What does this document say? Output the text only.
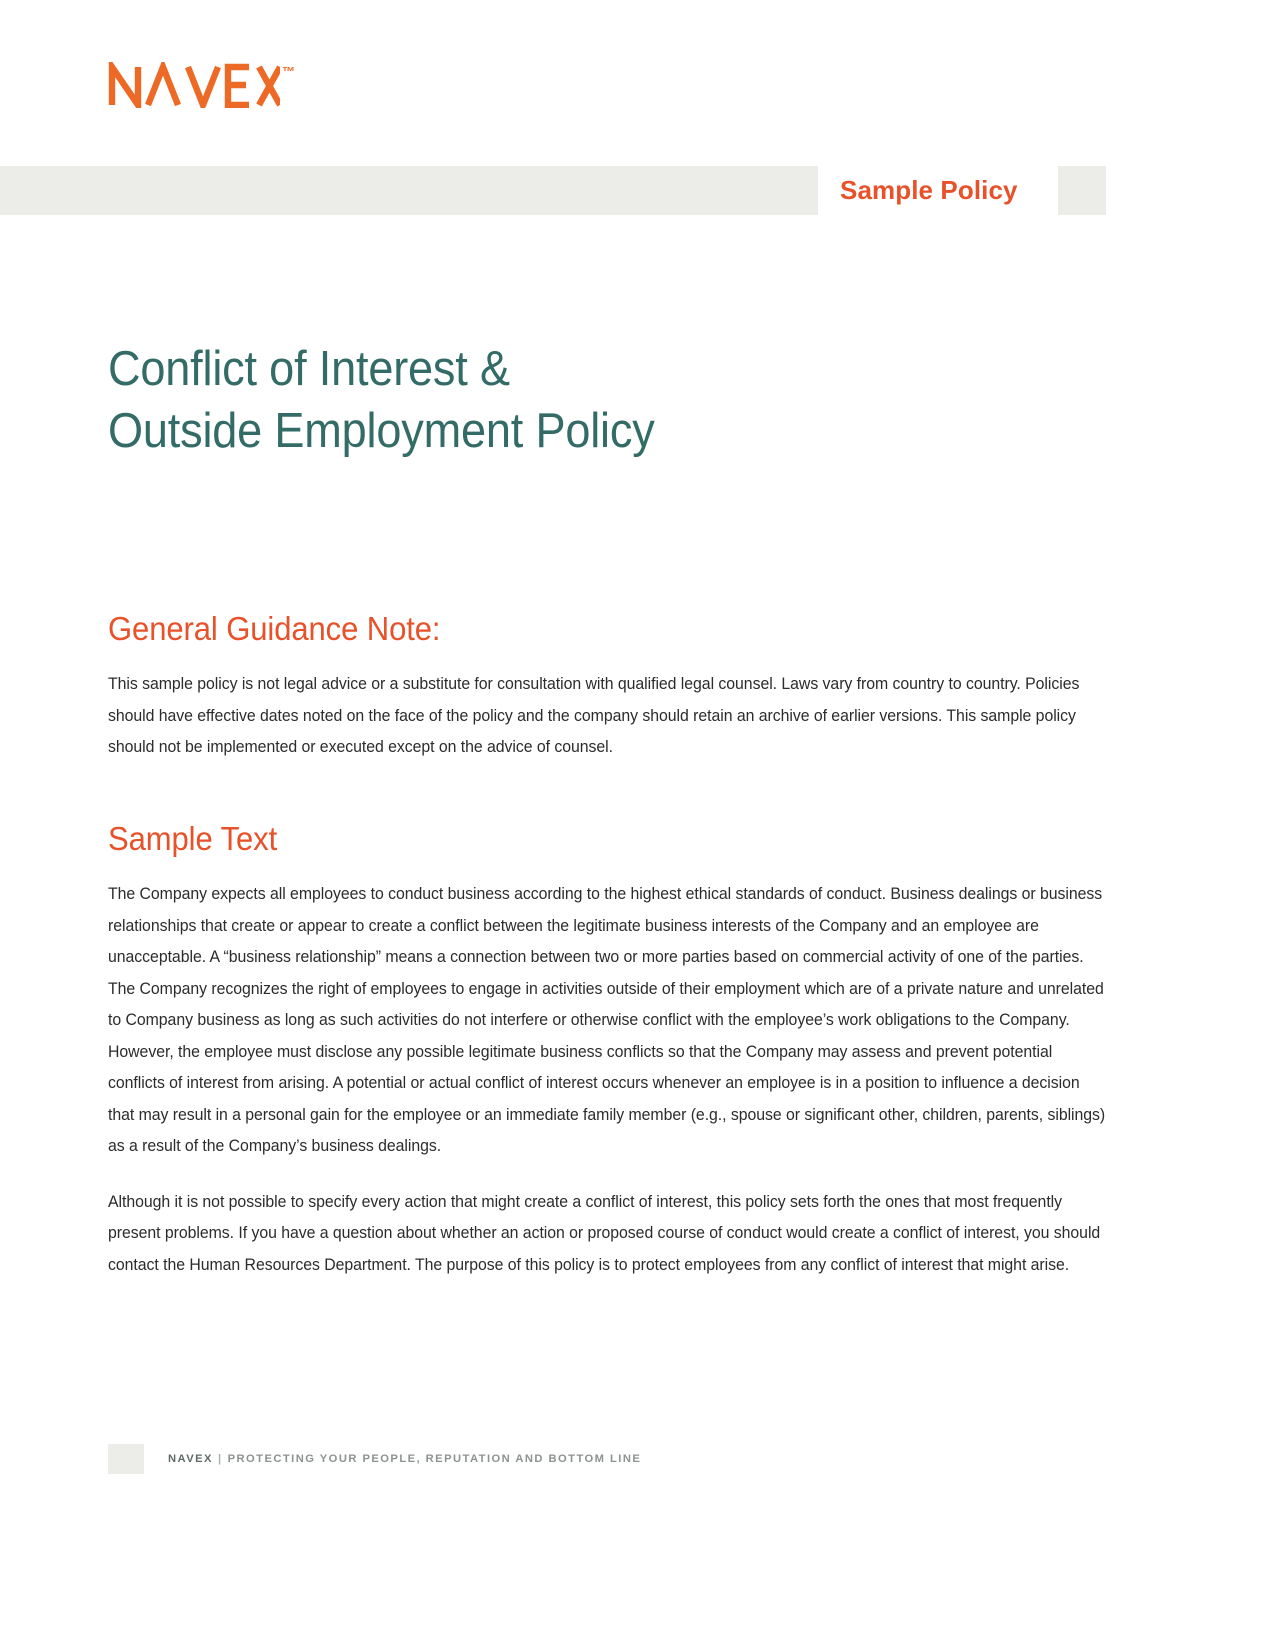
™
Sample Policy
Conflict of Interest &
Outside Employment Policy
General Guidance Note:

This sample policy is not legal advice or a substitute for consultation with qualified legal counsel. Laws vary from country to country. Policies should have effective dates noted on the face of the policy and the company should retain an archive of earlier versions. This sample policy should not be implemented or executed except on the advice of counsel.

Sample Text

The Company expects all employees to conduct business according to the highest ethical standards of conduct. Business dealings or business relationships that create or appear to create a conflict between the legitimate business interests of the Company and an employee are unacceptable. A “business relationship” means a connection between two or more parties based on commercial activity of one of the parties. The Company recognizes the right of employees to engage in activities outside of their employment which are of a private nature and unrelated to Company business as long as such activities do not interfere or otherwise conflict with the employee’s work obligations to the Company. However, the employee must disclose any possible legitimate business conflicts so that the Company may assess and prevent potential conflicts of interest from arising. A potential or actual conflict of interest occurs whenever an employee is in a position to influence a decision that may result in a personal gain for the employee or an immediate family member (e.g., spouse or significant other, children, parents, siblings) as a result of the Company’s business dealings.

Although it is not possible to specify every action that might create a conflict of interest, this policy sets forth the ones that most frequently present problems. If you have a question about whether an action or proposed course of conduct would create a conflict of interest, you should contact the Human Resources Department. The purpose of this policy is to protect employees from any conflict of interest that might arise.

NAVEX | PROTECTING YOUR PEOPLE, REPUTATION AND BOTTOM LINE
